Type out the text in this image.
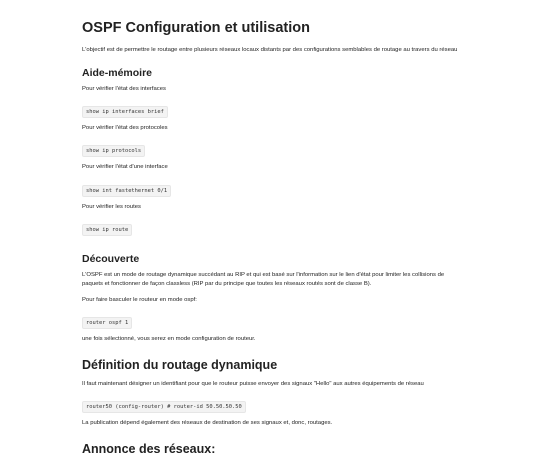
OSPF Configuration et utilisation

L'objectif est de permettre le routage entre plusieurs réseaux locaux distants par des configurations semblables de routage au travers du réseau

Aide-mémoire

Pour vérifier l'état des interfaces

show ip interfaces brief

Pour vérifier l'état des protocoles

show ip protocols

Pour vérifier l'état d'une interface

show int fastethernet 0/1

Pour vérifier les routes

show ip route
Découverte

L'OSPF est un mode de routage dynamique succédant au RIP et qui est basé sur l'information sur le lien d'état pour limiter les collisions de paquets et fonctionner de façon classless (RIP par du principe que toutes les réseaux routés sont de classe B).

Pour faire basculer le routeur en mode ospf:

router ospf 1

une fois sélectionné, vous serez en mode configuration de routeur.

Définition du routage dynamique

Il faut maintenant désigner un identifiant pour que le routeur puisse envoyer des signaux "Hello" aux autres équipements de réseau

router50 (config-router) # router-id 50.50.50.50

La publication dépend également des réseaux de destination de ses signaux et, donc, routages.

Annonce des réseaux:
